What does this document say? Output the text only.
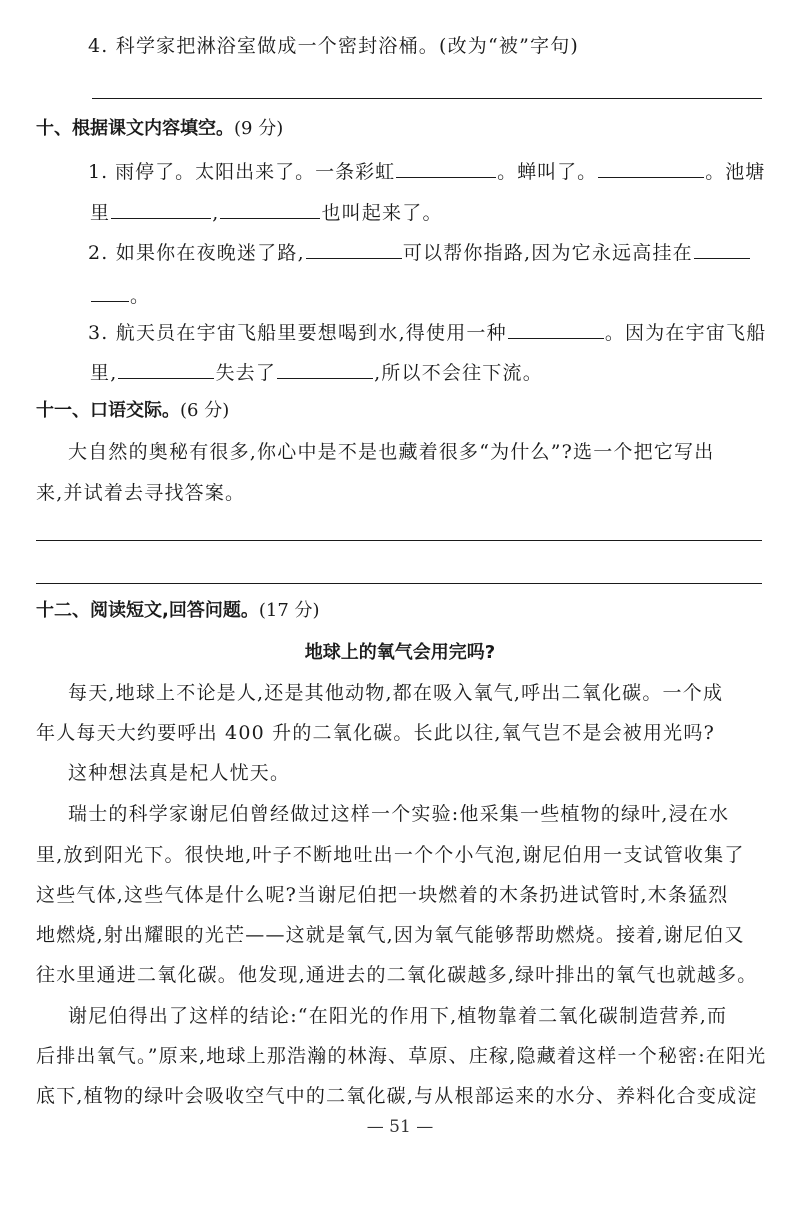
4. 科学家把淋浴室做成一个密封浴桶。(改为“被”字句)
十、根据课文内容填空。(9 分)
1. 雨停了。太阳出来了。一条彩虹	。蝉叫了。	。池塘
里	,	也叫起来了。
2. 如果你在夜晚迷了路,	可以帮你指路,因为它永远高挂在
。
3. 航天员在宇宙飞船里要想喝到水,得使用一种	。因为在宇宙飞船
里,	失去了	,所以不会往下流。
十一、口语交际。(6 分)
大自然的奥秘有很多,你心中是不是也藏着很多“为什么”?选一个把它写出
来,并试着去寻找答案。
十二、阅读短文,回答问题。(17 分)
地球上的氧气会用完吗?
每天,地球上不论是人,还是其他动物,都在吸入氧气,呼出二氧化碳。一个成
年人每天大约要呼出 400 升的二氧化碳。长此以往,氧气岂不是会被用光吗?
这种想法真是杞人忧天。
瑞士的科学家谢尼伯曾经做过这样一个实验:他采集一些植物的绿叶,浸在水
里,放到阳光下。很快地,叶子不断地吐出一个个小气泡,谢尼伯用一支试管收集了
这些气体,这些气体是什么呢?当谢尼伯把一块燃着的木条扔进试管时,木条猛烈
地燃烧,射出耀眼的光芒——这就是氧气,因为氧气能够帮助燃烧。接着,谢尼伯又
往水里通进二氧化碳。他发现,通进去的二氧化碳越多,绿叶排出的氧气也就越多。
谢尼伯得出了这样的结论:“在阳光的作用下,植物靠着二氧化碳制造营养,而
后排出氧气。”原来,地球上那浩瀚的林海、草原、庄稼,隐藏着这样一个秘密:在阳光
底下,植物的绿叶会吸收空气中的二氧化碳,与从根部运来的水分、养料化合变成淀
— 51 —
